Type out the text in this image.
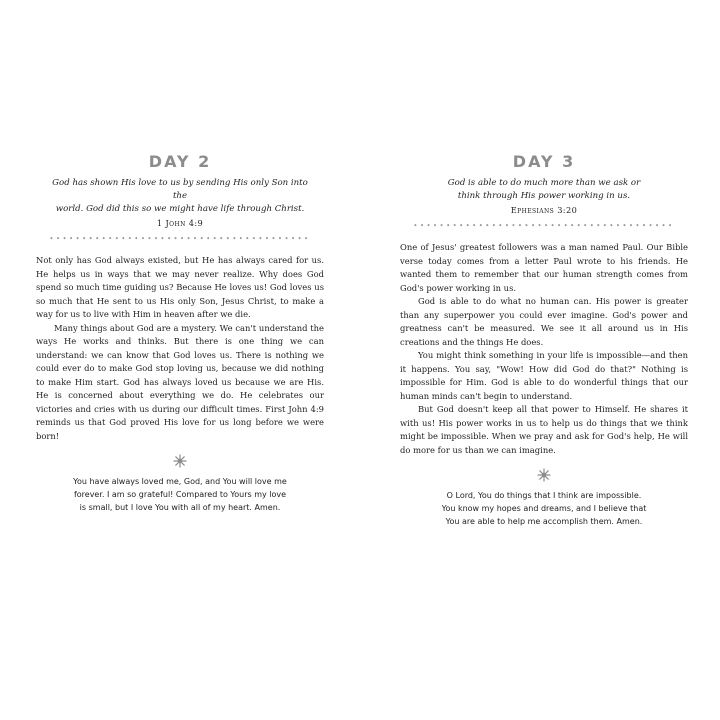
DAY 2
God has shown His love to us by sending His only Son into the
world. God did this so we might have life through Christ.
1 John 4:9
••••••••••••••••••••••••••••••••••••••••

Not only has God always existed, but He has always cared for us. He helps us in ways that we may never realize. Why does God spend so much time guiding us? Because He loves us! God loves us so much that He sent to us His only Son, Jesus Christ, to make a way for us to live with Him in heaven after we die.

Many things about God are a mystery. We can't understand the ways He works and thinks. But there is one thing we can understand: we can know that God loves us. There is nothing we could ever do to make God stop loving us, because we did nothing to make Him start. God has always loved us because we are His. He is concerned about everything we do. He celebrates our victories and cries with us during our difficult times. First John 4:9 reminds us that God proved His love for us long before we were born!

You have always loved me, God, and You will love me
forever. I am so grateful! Compared to Yours my love
is small, but I love You with all of my heart. Amen.
DAY 3
God is able to do much more than we ask or
think through His power working in us.
Ephesians 3:20
••••••••••••••••••••••••••••••••••••••••

One of Jesus' greatest followers was a man named Paul. Our Bible verse today comes from a letter Paul wrote to his friends. He wanted them to remember that our human strength comes from God's power working in us.

God is able to do what no human can. His power is greater than any superpower you could ever imagine. God's power and greatness can't be measured. We see it all around us in His creations and the things He does.

You might think something in your life is impossible—and then it happens. You say, "Wow! How did God do that?" Nothing is impossible for Him. God is able to do wonderful things that our human minds can't begin to understand.

But God doesn't keep all that power to Himself. He shares it with us! His power works in us to help us do things that we think might be impossible. When we pray and ask for God's help, He will do more for us than we can imagine.

O Lord, You do things that I think are impossible.
You know my hopes and dreams, and I believe that
You are able to help me accomplish them. Amen.
